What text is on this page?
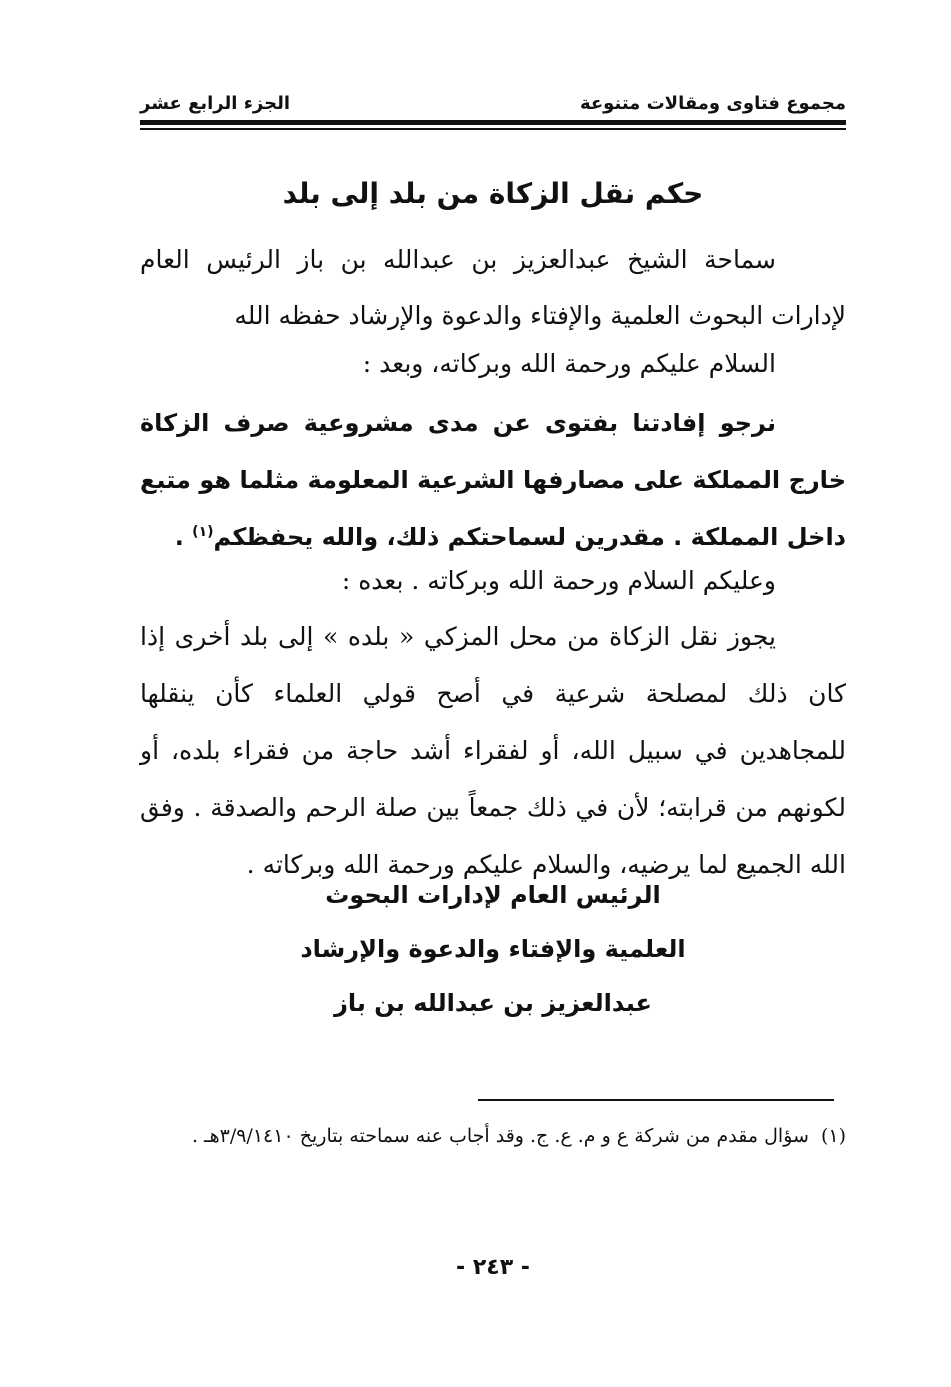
مجموع فتاوى ومقالات متنوعة
الجزء الرابع عشر
حكم نقل الزكاة من بلد إلى بلد

سماحة الشيخ عبدالعزيز بن عبدالله بن باز الرئيس العام لإدارات البحوث العلمية والإفتاء والدعوة والإرشاد حفظه الله

السلام عليكم ورحمة الله وبركاته، وبعد :

نرجو إفادتنا بفتوى عن مدى مشروعية صرف الزكاة خارج المملكة على مصارفها الشرعية المعلومة مثلما هو متبع داخل المملكة . مقدرين لسماحتكم ذلك، والله يحفظكم$^{(١)}$ .

وعليكم السلام ورحمة الله وبركاته . بعده :

يجوز نقل الزكاة من محل المزكي « بلده » إلى بلد أخرى إذا كان ذلك لمصلحة شرعية في أصح قولي العلماء كأن ينقلها للمجاهدين في سبيل الله، أو لفقراء أشد حاجة من فقراء بلده، أو لكونهم من قرابته؛ لأن في ذلك جمعاً بين صلة الرحم والصدقة . وفق الله الجميع لما يرضيه، والسلام عليكم ورحمة الله وبركاته .

الرئيس العام لإدارات البحوث
العلمية والإفتاء والدعوة والإرشاد
عبدالعزيز بن عبدالله بن باز

(١)سؤال مقدم من شركة ع و م. ع. ج. وقد أجاب عنه سماحته بتاريخ ٣/٩/١٤١٠هـ .

- ٢٤٣ -
